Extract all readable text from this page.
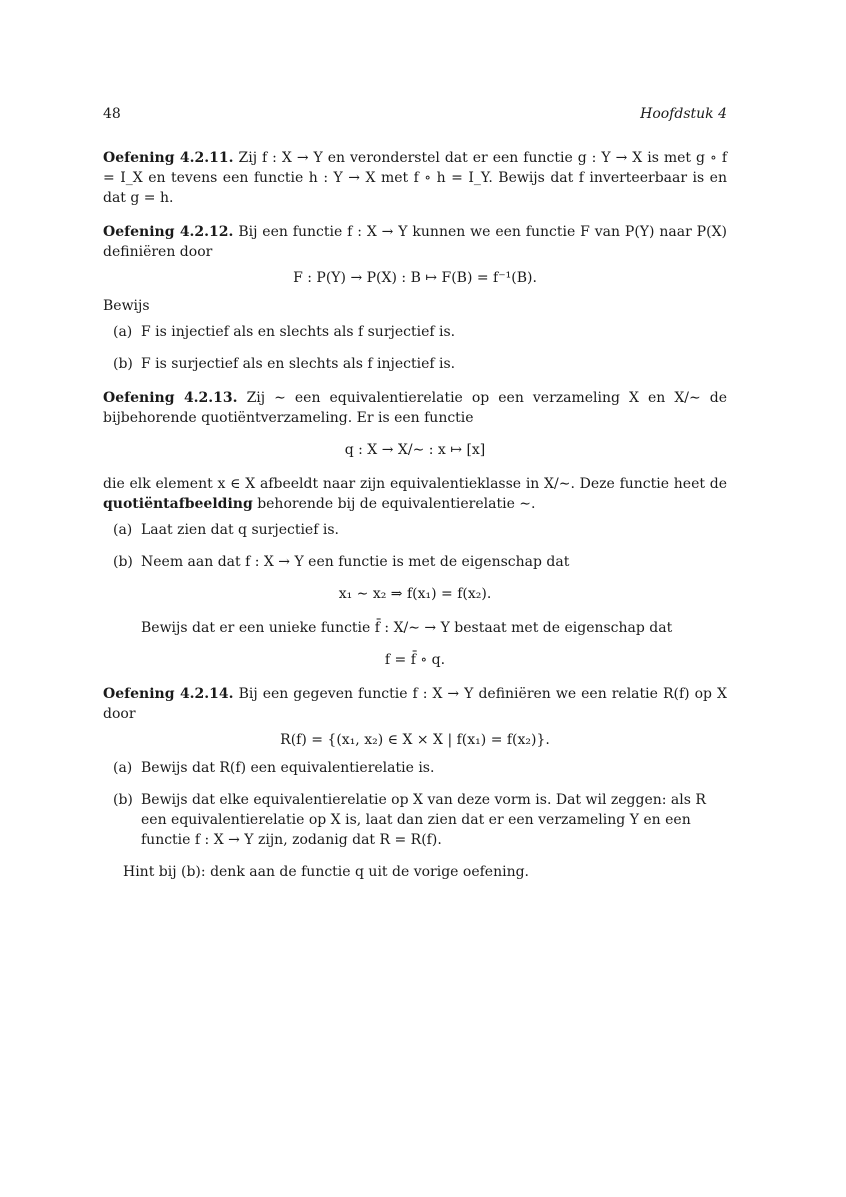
48	Hoofdstuk 4

Oefening 4.2.11. Zij f : X → Y en veronderstel dat er een functie g : Y → X is met g ∘ f = I_X en tevens een functie h : Y → X met f ∘ h = I_Y. Bewijs dat f inverteerbaar is en dat g = h.

Oefening 4.2.12. Bij een functie f : X → Y kunnen we een functie F van P(Y) naar P(X) definiëren door

F : P(Y) → P(X) : B ↦ F(B) = f⁻¹(B).

Bewijs

(a) F is injectief als en slechts als f surjectief is.
(b) F is surjectief als en slechts als f injectief is.

Oefening 4.2.13. Zij ∼ een equivalentierelatie op een verzameling X en X/∼ de bijbehorende quotiëntverzameling. Er is een functie

q : X → X/∼ : x ↦ [x]

die elk element x ∈ X afbeeldt naar zijn equivalentieklasse in X/∼. Deze functie heet de quotiëntafbeelding behorende bij de equivalentierelatie ∼.

(a) Laat zien dat q surjectief is.
(b) Neem aan dat f : X → Y een functie is met de eigenschap dat
x₁ ∼ x₂ ⇒ f(x₁) = f(x₂).

Bewijs dat er een unieke functie f̄ : X/∼ → Y bestaat met de eigenschap dat

f = f̄ ∘ q.

Oefening 4.2.14. Bij een gegeven functie f : X → Y definiëren we een relatie R(f) op X door

R(f) = {(x₁, x₂) ∈ X × X | f(x₁) = f(x₂)}.
(a) Bewijs dat R(f) een equivalentierelatie is.
(b) Bewijs dat elke equivalentierelatie op X van deze vorm is. Dat wil zeggen: als R een equivalentierelatie op X is, laat dan zien dat er een verzameling Y en een functie f : X → Y zijn, zodanig dat R = R(f).

Hint bij (b): denk aan de functie q uit de vorige oefening.
